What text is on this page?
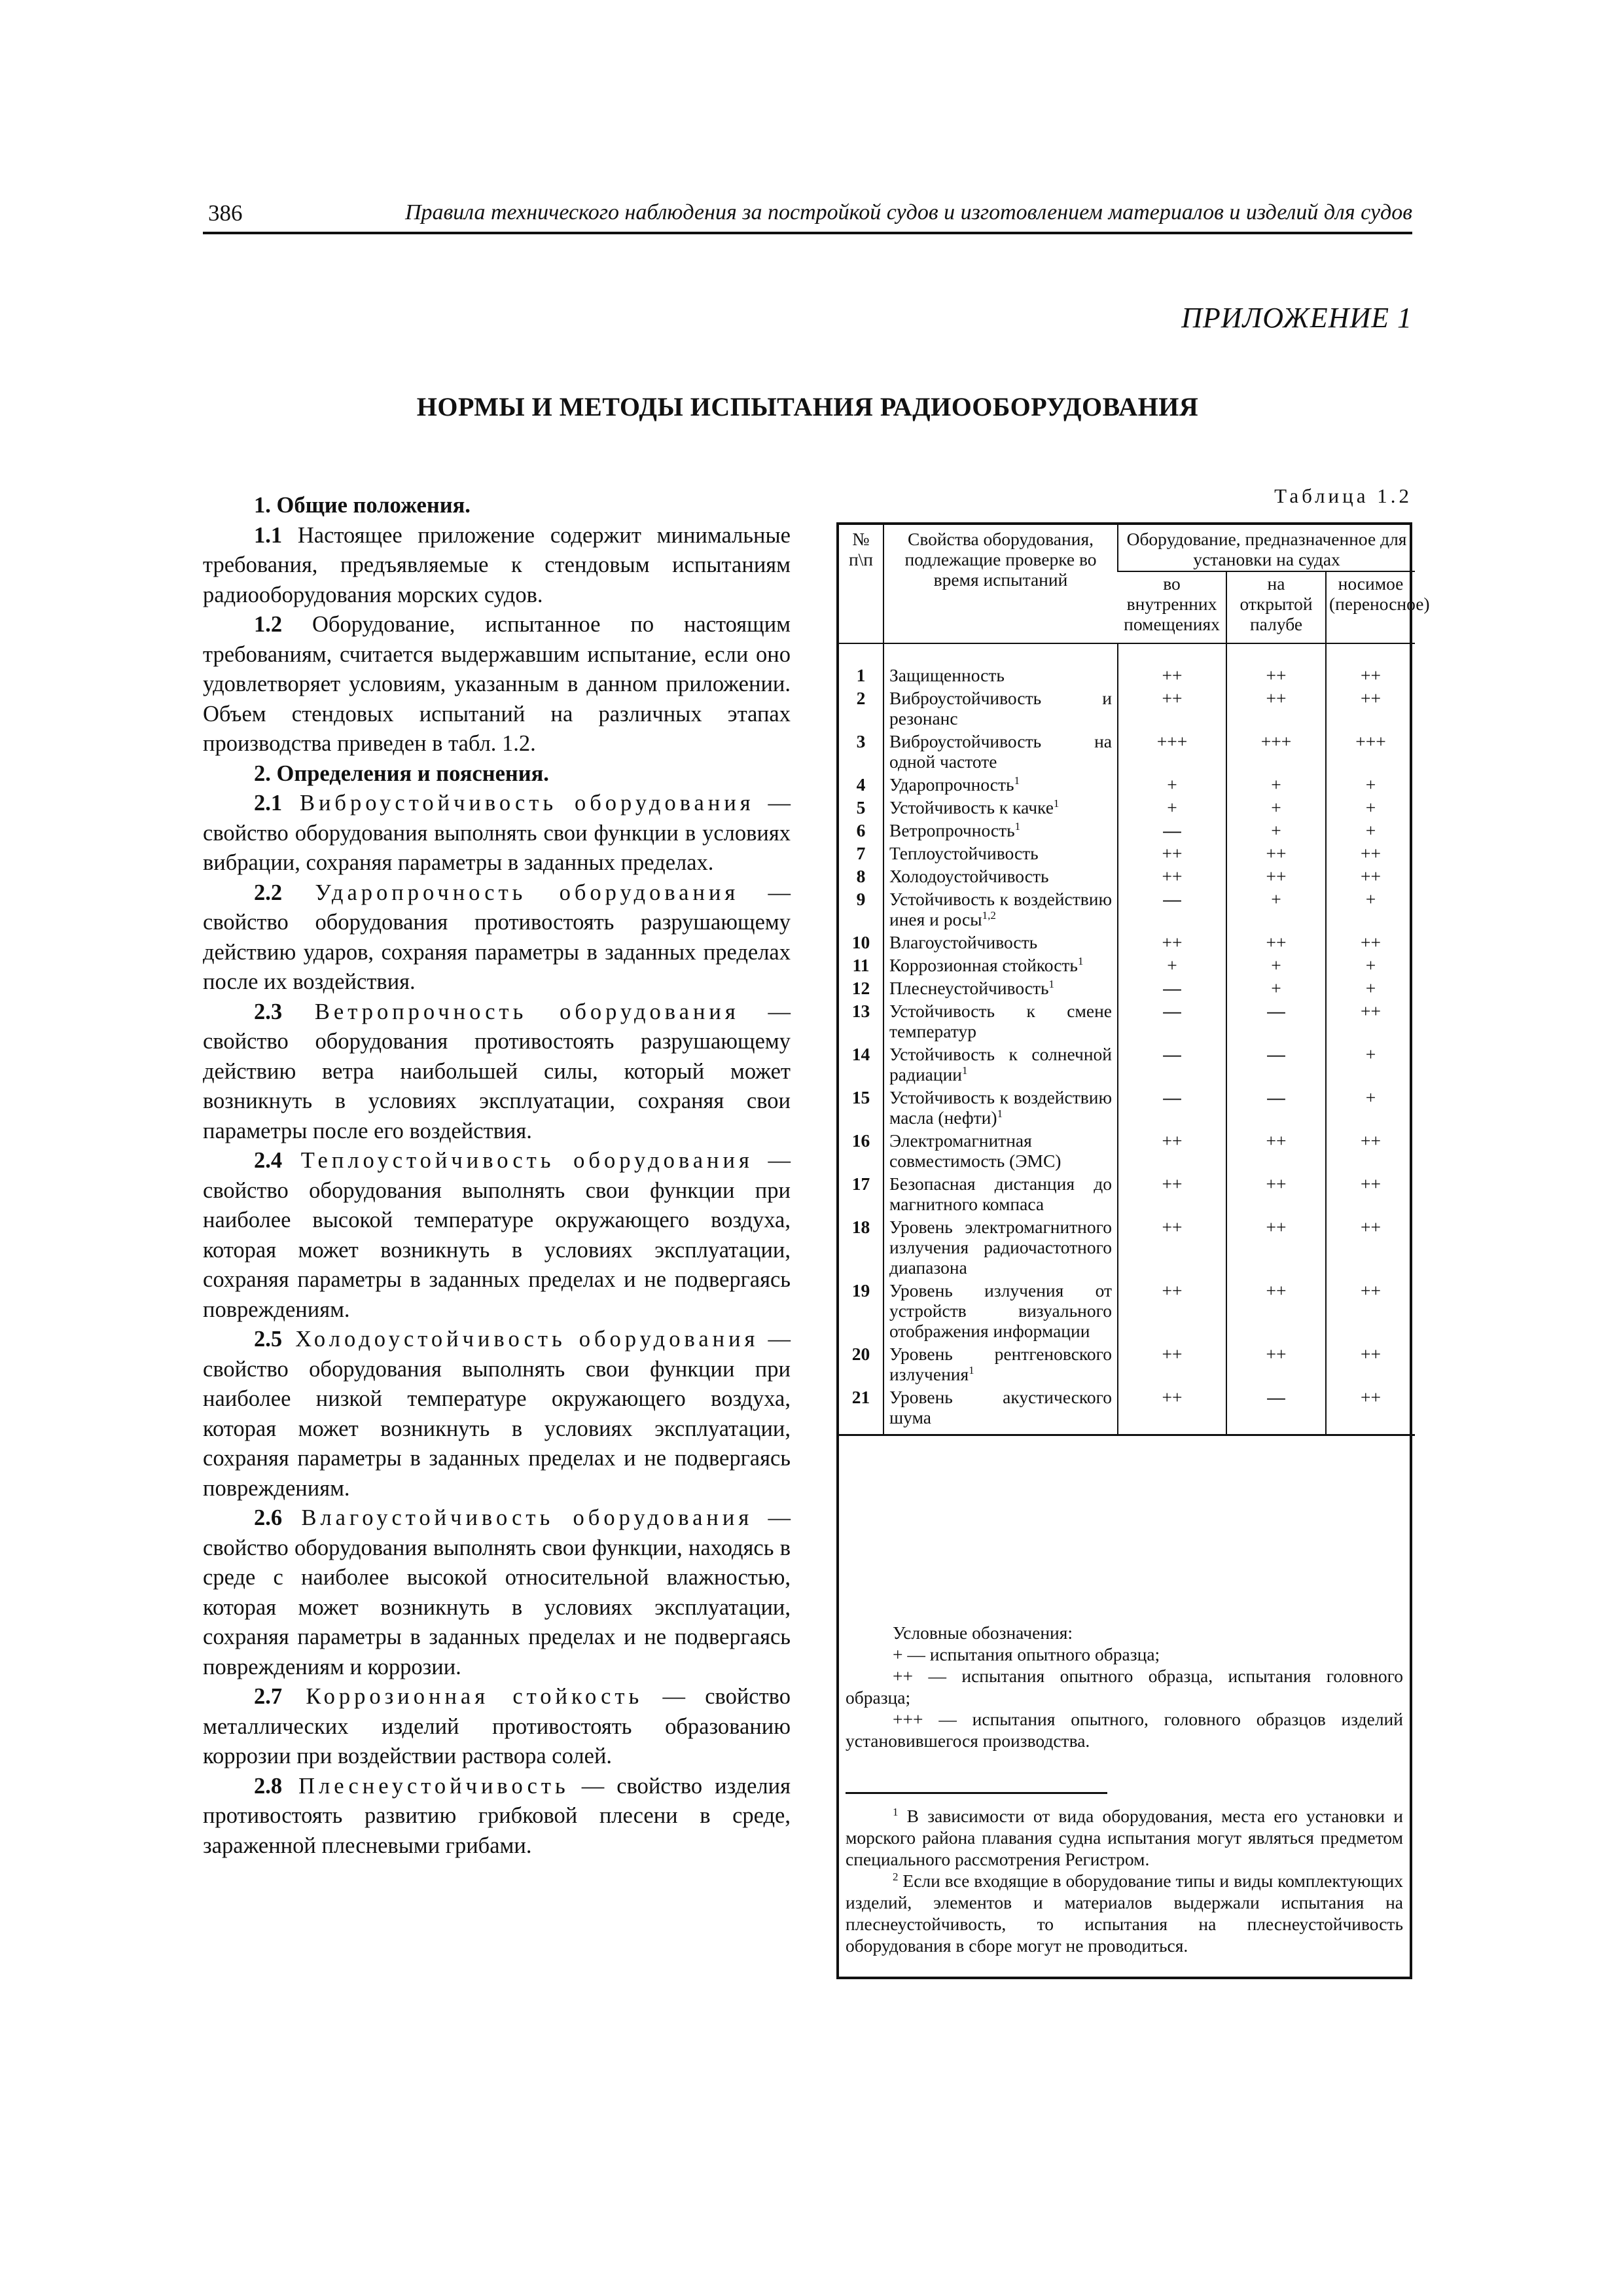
386	Правила технического наблюдения за постройкой судов и изготовлением материалов и изделий для судов
ПРИЛОЖЕНИЕ 1
НОРМЫ И МЕТОДЫ ИСПЫТАНИЯ РАДИООБОРУДОВАНИЯ

1. Общие положения.

1.1 Настоящее приложение содержит минимальные требования, предъявляемые к стендовым испытаниям радиооборудования морских судов.

1.2 Оборудование, испытанное по настоящим требованиям, считается выдержавшим испытание, если оно удовлетворяет условиям, указанным в данном приложении. Объем стендовых испытаний на различных этапах производства приведен в табл. 1.2.

2. Определения и пояснения.

2.1 Виброустойчивость оборудования — свойство оборудования выполнять свои функции в условиях вибрации, сохраняя параметры в заданных пределах.

2.2 Ударопрочность оборудования — свойство оборудования противостоять разрушающему действию ударов, сохраняя параметры в заданных пределах после их воздействия.

2.3 Ветропрочность оборудования — свойство оборудования противостоять разрушающему действию ветра наибольшей силы, который может возникнуть в условиях эксплуатации, сохраняя свои параметры после его воздействия.

2.4 Теплоустойчивость оборудования — свойство оборудования выполнять свои функции при наиболее высокой температуре окружающего воздуха, которая может возникнуть в условиях эксплуатации, сохраняя параметры в заданных пределах и не подвергаясь повреждениям.

2.5 Холодоустойчивость оборудования — свойство оборудования выполнять свои функции при наиболее низкой температуре окружающего воздуха, которая может возникнуть в условиях эксплуатации, сохраняя параметры в заданных пределах и не подвергаясь повреждениям.

2.6 Влагоустойчивость оборудования — свойство оборудования выполнять свои функции, находясь в среде с наиболее высокой относительной влажностью, которая может возникнуть в условиях эксплуатации, сохраняя параметры в заданных пределах и не подвергаясь повреждениям и коррозии.

2.7 Коррозионная стойкость — свойство металлических изделий противостоять образованию коррозии при воздействии раствора солей.

2.8 Плеснеустойчивость — свойство изделия противостоять развитию грибковой плесени в среде, зараженной плесневыми грибами.

Таблица 1.2
№ п\п	Свойства оборудования, подлежащие проверке во время испытаний	Оборудование, предназначенное для установки на судах		
		во внутренних помещениях	на открытой палубе	носимое (переносное)

1	Защищенность	++	++	++
2	Виброустойчивость и резонанс	++	++	++
3	Виброустойчивость на одной частоте	+++	+++	+++
4	Ударопрочность$^1$	+	+	+
5	Устойчивость к качке$^1$	+	+	+
6	Ветропрочность$^1$	—	+	+
7	Теплоустойчивость	++	++	++
8	Холодоустойчивость	++	++	++
9	Устойчивость к воздействию инея и росы$^{1,2}$	—	+	+
10	Влагоустойчивость	++	++	++
11	Коррозионная стойкость$^1$	+	+	+
12	Плеснеустойчивость$^1$	—	+	+
13	Устойчивость к смене температур	—	—	++
14	Устойчивость к солнечной радиации$^1$	—	—	+
15	Устойчивость к воздействию масла (нефти)$^1$	—	—	+
16	Электромагнитная совместимость (ЭМС)	++	++	++
17	Безопасная дистанция до магнитного компаса	++	++	++
18	Уровень электромагнитного излучения радиочастотного диапазона	++	++	++
19	Уровень излучения от устройств визуального отображения информации	++	++	++
20	Уровень рентгеновского излучения$^1$	++	++	++
21	Уровень акустического шума	++	—	++

Условные обозначения:

+ — испытания опытного образца;

++ — испытания опытного образца, испытания головного образца;

+++ — испытания опытного, головного образцов изделий установившегося производства.

$^1$ В зависимости от вида оборудования, места его установки и морского района плавания судна испытания могут являться предметом специального рассмотрения Регистром.

$^2$ Если все входящие в оборудование типы и виды комплектующих изделий, элементов и материалов выдержали испытания на плеснеустойчивость, то испытания на плеснеустойчивость оборудования в сборе могут не проводиться.
